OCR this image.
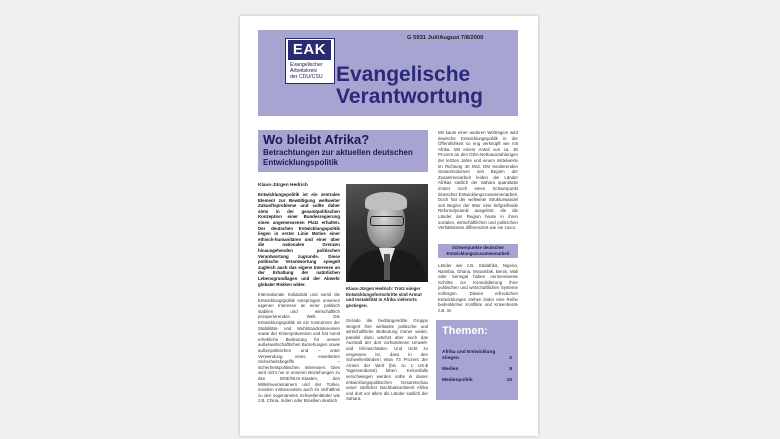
EAK
Evangelischer
Arbeitskreis
der CDU/CSU
G 5931 Juli/August 7/8/2000
Evangelische
Verantwortung
Wo bleibt Afrika?
Betrachtungen zur aktuellen deutschen Entwicklungspolitik
Klaus-Jürgen Hedrich

Entwicklungspolitik ist ein zentrales Element zur Bewältigung weltweiter Zukunftsprobleme und sollte daher stets in der gesamtpolitischen Konzeption einer Bundesregierung einen angemessenen Platz erhalten. Der deutschen Entwicklungspolitik liegen in erster Linie Motive einer ethisch-humanitären und einer über die nationalen Grenzen hinausgehenden politischen Verantwortung zugrunde. Diese politische Verantwortung spiegelt zugleich auch das eigene Interesse an der Erhaltung der natürlichen Lebensgrundlagen und der Abwehr globaler Risiken wider.

Internationale Solidarität und somit die Entwicklungspolitik entspringen unserem eigenen Interesse an einer politisch stabilen und wirtschaftlich prosperierenden Welt. Die Entwicklungspolitik ist ein Instrument der Stabilitäts- und Wohlstandsinteressen sowie der Krisenprävention und hat somit erhebliche Bedeutung für unsere außenwirtschaftlichen Beziehungen sowie außenpolitischen und – unter Verwendung eines erweiterten Sicherheitsbegriffs – sicherheitspolitischen Interessen. Dies wird nicht nur in unseren Beziehungen zu den MOE/NUS-Staaten, den Mittelmeeranrainern und der Türkei, sondern insbesondere auch im Verhältnis zu den sogenannten Schwellenländer wie z.B. China, Indien oder Brasilien deutlich.

Klaus-Jürgen Hedrich: Trotz einiger Entwicklungsfortschritte sind Armut und Instabilität in Afrika vielerorts gestiegen.
Gerade die bedrängendste Gruppe steigert ihre weltweite politische und wirtschaftliche Bedeutung immer weiter, parallel dazu wächst aber auch das Ausmaß der dort vorhandenen Umwelt- und Klimaschäden. Und nicht zu vergessen ist, dass in den Schwellenländern etwa 73 Prozent der Armen der Welt (bis zu 1 US-$ Tagesverdienst) leben. Keinesfalls verschwiegen werden sollte in dieser entwicklungspolitischen Gesamtschau unser südlicher Nachbarkontinent Afrika und dort vor allem die Länder südlich der Sahara.

Mit kaum einer anderen Weltregion wird deutsche Entwicklungspolitik in der Öffentlichkeit so eng verknüpft wie mit Afrika. Mit einem Anteil von ca. 30 Prozent an den ODA-Nettoauszahlungen der letzten Jahre und einem mittelwerte im Richtung 40 Mrd. DM tendierenden Gesamtvolumen seit Beginn der Zusammenarbeit leiden die Länder Afrikas südlich der Sahara quantitativ immer noch einen Schwerpunkt deutscher Entwicklungszusammenarbeit. Doch hat der weltweite Strukturwandel seit Beginn der 90er eine tiefgreifende Reformdynamik ausgelöst, die die Länder der Region heute in ihren sozialen, wirtschaftlichen und politischen Verhältnissen differenziert wie nie zuvor.

Schwerpunkte deutscher Entwicklungszusammenarbeit
Länder wie z.B. Südafrika, Nigeria, Namibia, Ghana, Mosambik, Benin, Mali oder Senegal haben nennenswerte Schritte zur Konsolidierung ihrer politischen und wirtschaftlichen Systeme vollzogen. Diesen erfreulichen Entwicklungen stehen leider eine Reihe bedenklicher Konflikte und Krisenherde z.B. im
Themen:
Afrika und Entwicklung stiegen	2
Medien	8
Medienpolitik	10
